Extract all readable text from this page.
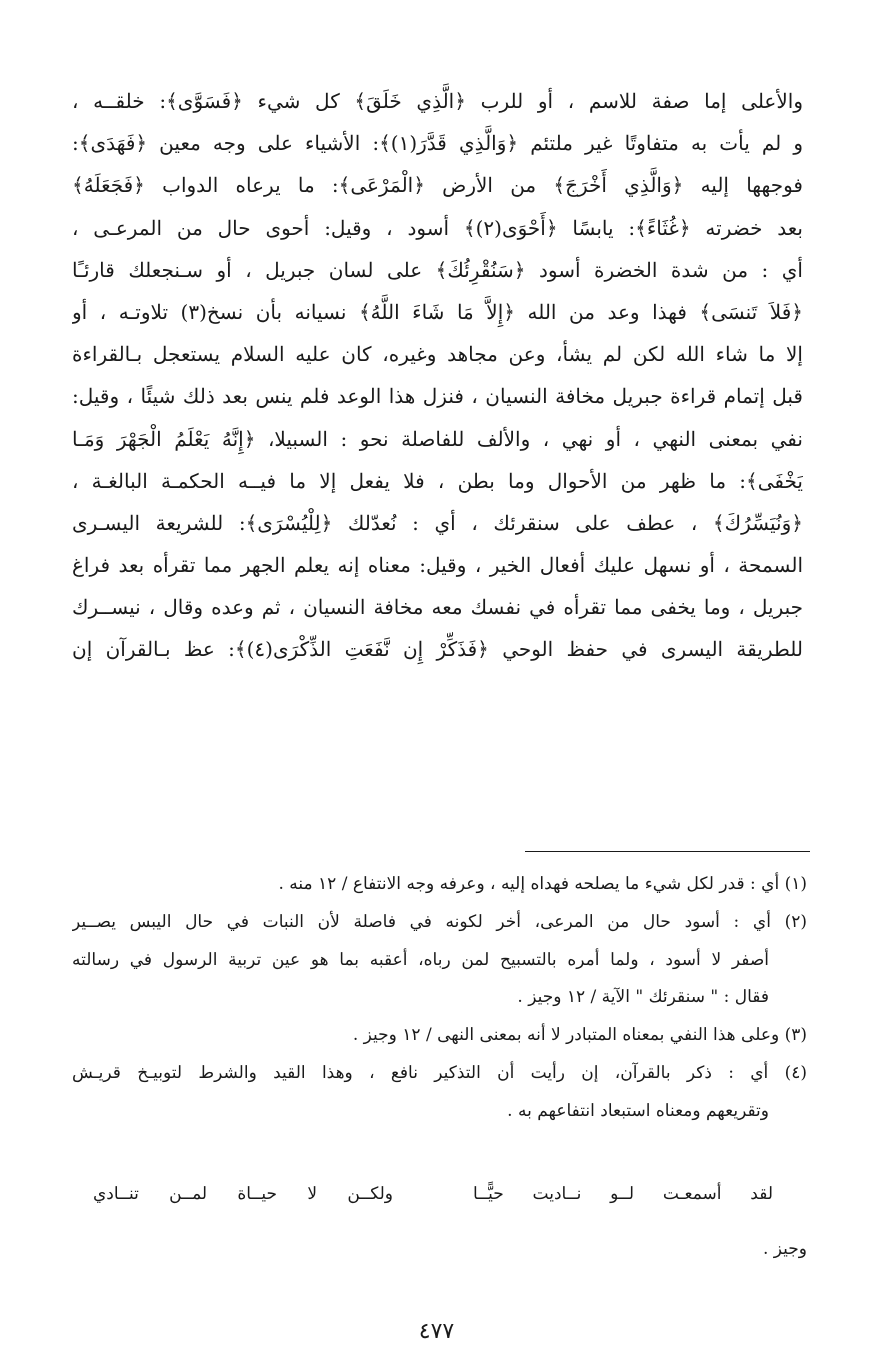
والأعلى إما صفة للاسم ، أو للرب ﴿الَّذِي خَلَقَ﴾ كل شيء ﴿فَسَوَّى﴾: خلقــه ،
و لم يأت به متفاوتًا غير ملتئم ﴿وَالَّذِي قَدَّرَ(١)﴾: الأشياء على وجه معين ﴿فَهَدَى﴾:
فوجهها إليه ﴿وَالَّذِي أَخْرَجَ﴾ من الأرض ﴿الْمَرْعَى﴾: ما يرعاه الدواب ﴿فَجَعَلَهُ﴾
بعد خضرته ﴿غُثَاءً﴾: يابسًا ﴿أَحْوَى(٢)﴾ أسود ، وقيل: أحوى حال من المرعـى ،
أي : من شدة الخضرة أسود ﴿سَنُقْرِئُكَ﴾ على لسان جبريل ، أو سـنجعلك قارئـًا
﴿فَلاَ تَنسَى﴾ فهذا وعد من الله ﴿إِلاَّ مَا شَاءَ اللَّهُ﴾ نسيانه بأن نسخ(٣) تلاوتـه ، أو
إلا ما شاء الله لكن لم يشأ، وعن مجاهد وغيره، كان عليه السلام يستعجل بـالقراءة
قبل إتمام قراءة جبريل مخافة النسيان ، فنزل هذا الوعد فلم ينس بعد ذلك شيئًا ، وقيل:
نفي بمعنى النهي ، أو نهي ، والألف للفاصلة نحو : السبيلا، ﴿إِنَّهُ يَعْلَمُ الْجَهْرَ وَمَـا
يَخْفَى﴾: ما ظهر من الأحوال وما بطن ، فلا يفعل إلا ما فيــه الحكمـة البالغـة ،
﴿وَنُيَسِّرُكَ﴾ ، عطف على سنقرئك ، أي : نُعدّلك ﴿لِلْيُسْرَى﴾: للشريعة اليسـرى
السمحة ، أو نسهل عليك أفعال الخير ، وقيل: معناه إنه يعلم الجهر مما تقرأه بعد فراغ
جبريل ، وما يخفى مما تقرأه في نفسك معه مخافة النسيان ، ثم وعده وقال ، نيســرك
للطريقة اليسرى في حفظ الوحي ﴿فَذَكِّرْ إِن نَّفَعَتِ الذِّكْرَى(٤)﴾: عظ بـالقرآن إن
(١) أي : قدر لكل شيء ما يصلحه فهداه إليه ، وعرفه وجه الانتفاع / ١٢ منه .
(٢) أي : أسود حال من المرعى، أخر لكونه في فاصلة لأن النبات في حال اليبس يصــير
أصفر لا أسود ، ولما أمره بالتسبيح لمن رباه، أعقبه بما هو عين تربية الرسول في رسالته
فقال : " سنقرئك " الآية / ١٢ وجيز .
(٣) وعلى هذا النفي بمعناه المتبادر لا أنه بمعنى النهى / ١٢ وجيز .
(٤) أي : ذكر بالقرآن، إن رأيت أن التذكير نافع ، وهذا القيد والشرط لتوبيـخ قريـش
وتقريعهم ومعناه استبعاد انتفاعهم به .
لقد أسمعـت لــو نــاديت حيًّــا
ولكــن لا حيــاة لمــن تنــادي
وجيز .
٤٧٧
